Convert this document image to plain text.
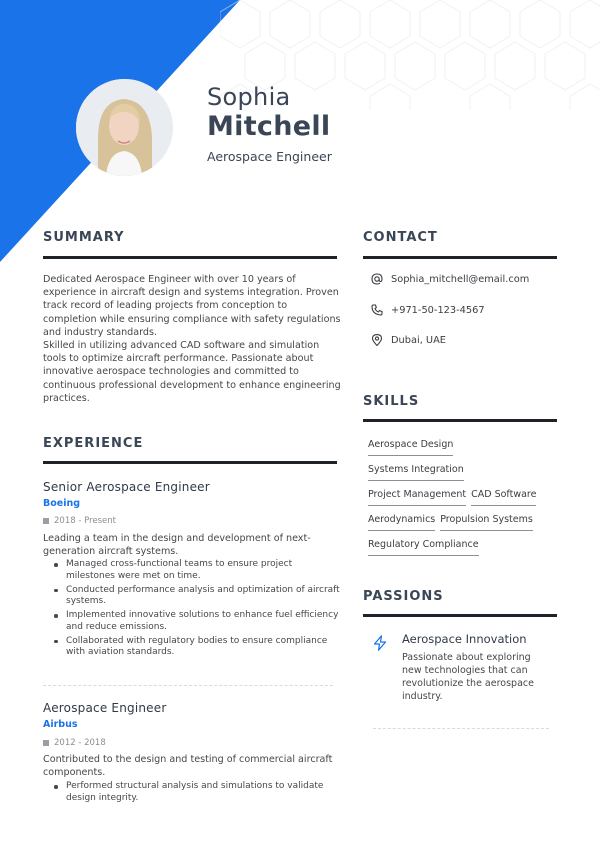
Sophia
Mitchell
Aerospace Engineer
SUMMARY
Dedicated Aerospace Engineer with over 10 years of experience in aircraft design and systems integration. Proven track record of leading projects from conception to completion while ensuring compliance with safety regulations and industry standards.
Skilled in utilizing advanced CAD software and simulation tools to optimize aircraft performance. Passionate about innovative aerospace technologies and committed to continuous professional development to enhance engineering practices.
EXPERIENCE
Senior Aerospace Engineer
Boeing
2018 - Present
Leading a team in the design and development of next-generation aircraft systems.
Managed cross-functional teams to ensure project milestones were met on time.
Conducted performance analysis and optimization of aircraft systems.
Implemented innovative solutions to enhance fuel efficiency and reduce emissions.
Collaborated with regulatory bodies to ensure compliance with aviation standards.
Aerospace Engineer
Airbus
2012 - 2018
Contributed to the design and testing of commercial aircraft components.
Performed structural analysis and simulations to validate design integrity.
CONTACT
Sophia_mitchell@email.com
+971-50-123-4567
Dubai, UAE
SKILLS
Aerospace Design
Systems Integration
Project Management CAD Software
Aerodynamics Propulsion Systems
Regulatory Compliance
PASSIONS
Aerospace Innovation
Passionate about exploring new technologies that can revolutionize the aerospace industry.
